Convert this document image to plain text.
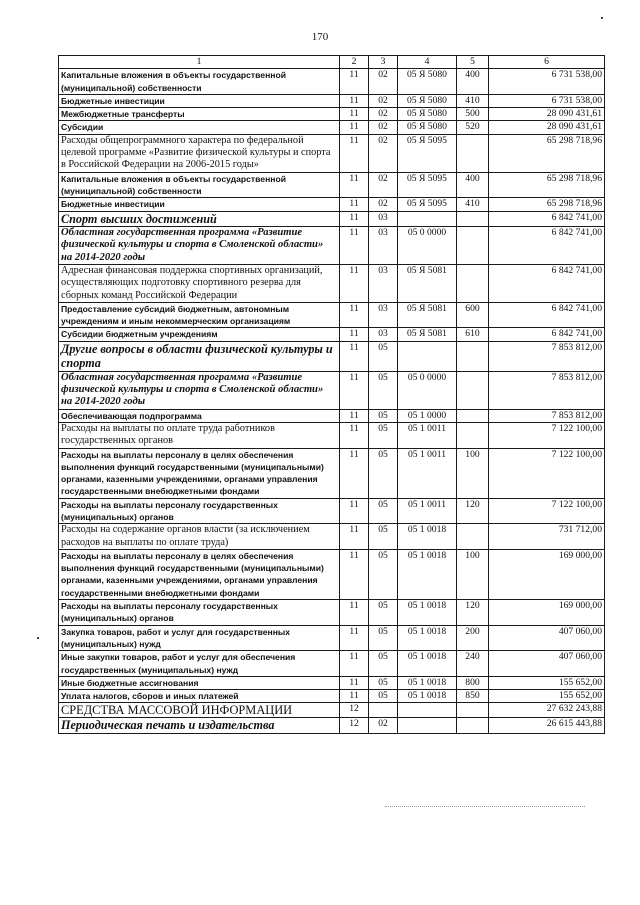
170
1	2	3	4	5	6
Капитальные вложения в объекты государственной (муниципальной) собственности	11	02	05 Я 5080	400	6 731 538,00
Бюджетные инвестиции	11	02	05 Я 5080	410	6 731 538,00
Межбюджетные трансферты	11	02	05 Я 5080	500	28 090 431,61
Субсидии	11	02	05 Я 5080	520	28 090 431,61
Расходы общепрограммного характера по федеральной целевой программе «Развитие физической культуры и спорта в Российской Федерации на 2006-2015 годы»	11	02	05 Я 5095		65 298 718,96
Капитальные вложения в объекты государственной (муниципальной) собственности	11	02	05 Я 5095	400	65 298 718,96
Бюджетные инвестиции	11	02	05 Я 5095	410	65 298 718,96
Спорт высших достижений	11	03			6 842 741,00
Областная государственная программа «Развитие физической культуры и спорта в Смоленской области» на 2014-2020 годы	11	03	05 0 0000		6 842 741,00
Адресная финансовая поддержка спортивных организаций, осуществляющих подготовку спортивного резерва для сборных команд Российской Федерации	11	03	05 Я 5081		6 842 741,00
Предоставление субсидий бюджетным, автономным учреждениям и иным некоммерческим организациям	11	03	05 Я 5081	600	6 842 741,00
Субсидии бюджетным учреждениям	11	03	05 Я 5081	610	6 842 741,00
Другие вопросы в области физической культуры и спорта	11	05			7 853 812,00
Областная государственная программа «Развитие физической культуры и спорта в Смоленской области» на 2014-2020 годы	11	05	05 0 0000		7 853 812,00
Обеспечивающая подпрограмма	11	05	05 1 0000		7 853 812,00
Расходы на выплаты по оплате труда работников государственных органов	11	05	05 1 0011		7 122 100,00
Расходы на выплаты персоналу в целях обеспечения выполнения функций государственными (муниципальными) органами, казенными учреждениями, органами управления государственными внебюджетными фондами	11	05	05 1 0011	100	7 122 100,00
Расходы на выплаты персоналу государственных (муниципальных) органов	11	05	05 1 0011	120	7 122 100,00
Расходы на содержание органов власти (за исключением расходов на выплаты по оплате труда)	11	05	05 1 0018		731 712,00
Расходы на выплаты персоналу в целях обеспечения выполнения функций государственными (муниципальными) органами, казенными учреждениями, органами управления государственными внебюджетными фондами	11	05	05 1 0018	100	169 000,00
Расходы на выплаты персоналу государственных (муниципальных) органов	11	05	05 1 0018	120	169 000,00
Закупка товаров, работ и услуг для государственных (муниципальных) нужд	11	05	05 1 0018	200	407 060,00
Иные закупки товаров, работ и услуг для обеспечения государственных (муниципальных) нужд	11	05	05 1 0018	240	407 060,00
Иные бюджетные ассигнования	11	05	05 1 0018	800	155 652,00
Уплата налогов, сборов и иных платежей	11	05	05 1 0018	850	155 652,00
СРЕДСТВА МАССОВОЙ ИНФОРМАЦИИ	12				27 632 243,88
Периодическая печать и издательства	12	02			26 615 443,88
